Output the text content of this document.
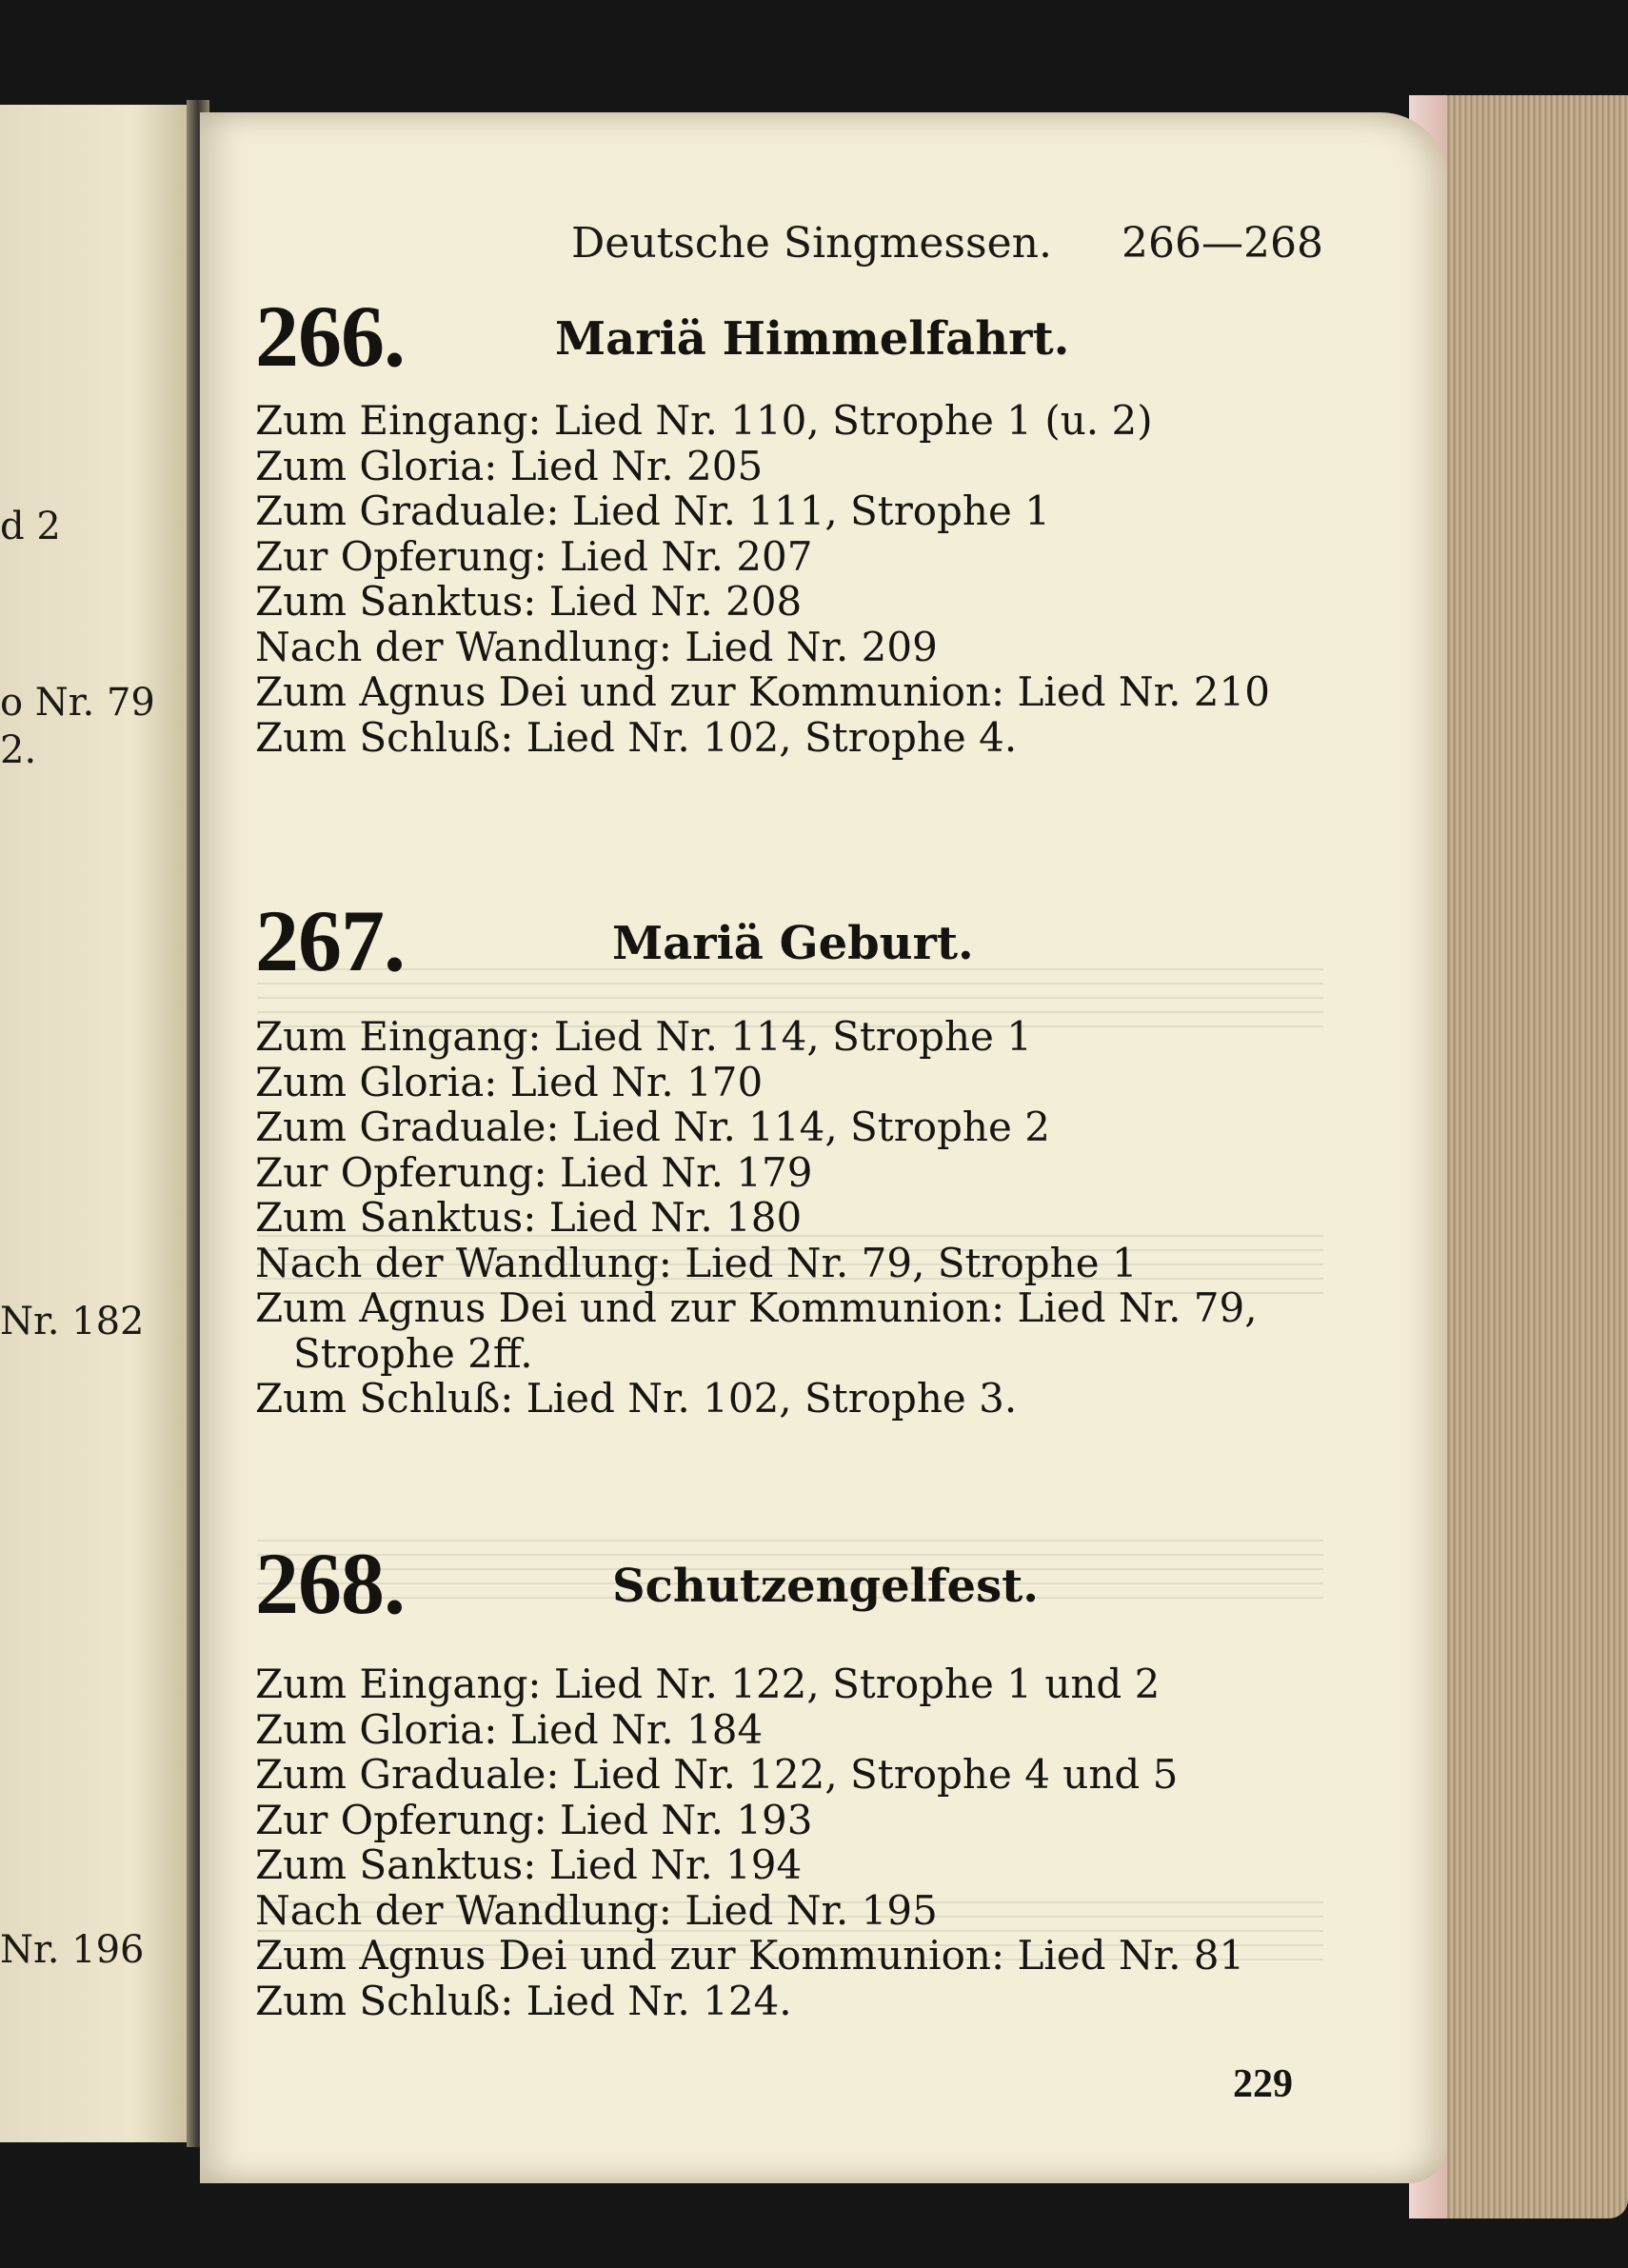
d 2
o Nr. 79
2.
Nr. 182
Nr. 196
Deutsche Singmessen. 266—268
266.	Mariä Himmelfahrt.
Zum Eingang: Lied Nr. 110, Strophe 1 (u. 2)
Zum Gloria: Lied Nr. 205
Zum Graduale: Lied Nr. 111, Strophe 1
Zur Opferung: Lied Nr. 207
Zum Sanktus: Lied Nr. 208
Nach der Wandlung: Lied Nr. 209
Zum Agnus Dei und zur Kommunion: Lied Nr. 210
Zum Schluß: Lied Nr. 102, Strophe 4.
267.	Mariä Geburt.
Zum Eingang: Lied Nr. 114, Strophe 1
Zum Gloria: Lied Nr. 170
Zum Graduale: Lied Nr. 114, Strophe 2
Zur Opferung: Lied Nr. 179
Zum Sanktus: Lied Nr. 180
Nach der Wandlung: Lied Nr. 79, Strophe 1
Zum Agnus Dei und zur Kommunion: Lied Nr. 79,
Strophe 2ff.
Zum Schluß: Lied Nr. 102, Strophe 3.
268.	Schutzengelfest.
Zum Eingang: Lied Nr. 122, Strophe 1 und 2
Zum Gloria: Lied Nr. 184
Zum Graduale: Lied Nr. 122, Strophe 4 und 5
Zur Opferung: Lied Nr. 193
Zum Sanktus: Lied Nr. 194
Nach der Wandlung: Lied Nr. 195
Zum Agnus Dei und zur Kommunion: Lied Nr. 81
Zum Schluß: Lied Nr. 124.
229
